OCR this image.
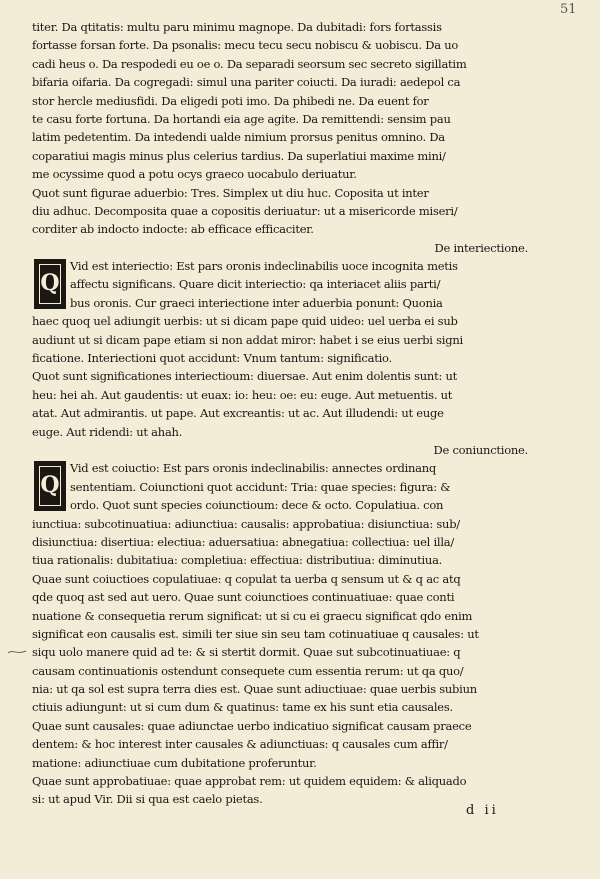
51
titer. Da qtitatis: multu paru minimu magnope. Da dubitadi: fors fortassis
fortasse forsan forte. Da psonalis: mecu tecu secu nobiscu & uobiscu. Da uo
cadi heus o. Da respodedi eu oe o. Da separadi seorsum sec secreto sigillatim
bifaria oifaria. Da cogregadi: simul una pariter coiucti. Da iuradi: aedepol ca
stor hercle mediusfidi. Da eligedi poti imo. Da phibedi ne. Da euent for
te casu forte fortuna. Da hortandi eia age agite. Da remittendi: sensim pau
latim pedetentim. Da intedendi ualde nimium prorsus penitus omnino. Da
coparatiui magis minus plus celerius tardius. Da superlatiui maxime mini/
me ocyssime quod a potu ocys graeco uocabulo deriuatur.
Quot sunt figurae aduerbio: Tres. Simplex ut diu huc. Coposita ut inter
diu adhuc. Decomposita quae a copositis deriuatur: ut a misericorde miseri/
corditer ab indocto indocte: ab efficace efficaciter.
De interiectione.
Q
Vid est interiectio: Est pars oronis indeclinabilis uoce incognita metis
affectu significans. Quare dicit interiectio: qa interiacet aliis parti/
bus oronis. Cur graeci interiectione inter aduerbia ponunt: Quonia
haec quoq uel adiungit uerbis: ut si dicam pape quid uideo: uel uerba ei sub
audiunt ut si dicam pape etiam si non addat miror: habet i se eius uerbi signi
ficatione. Interiectioni quot accidunt: Vnum tantum: significatio.
Quot sunt significationes interiectioum: diuersae. Aut enim dolentis sunt: ut
heu: hei ah. Aut gaudentis: ut euax: io: heu: oe: eu: euge. Aut metuentis. ut
atat. Aut admirantis. ut pape. Aut excreantis: ut ac. Aut illudendi: ut euge
euge. Aut ridendi: ut ahah.
De coniunctione.
Q
Vid est coiuctio: Est pars oronis indeclinabilis: annectes ordinanq
sententiam. Coiunctioni quot accidunt: Tria: quae species: figura: &
ordo. Quot sunt species coiunctioum: dece & octo. Copulatiua. con
iunctiua: subcotinuatiua: adiunctiua: causalis: approbatiua: disiunctiua: sub/
disiunctiua: disertiua: electiua: aduersatiua: abnegatiua: collectiua: uel illa/
tiua rationalis: dubitatiua: completiua: effectiua: distributiua: diminutiua.
Quae sunt coiuctioes copulatiuae: q copulat ta uerba q sensum ut & q ac atq
qde quoq ast sed aut uero. Quae sunt coiunctioes continuatiuae: quae conti
nuatione & consequetia rerum significat: ut si cu ei graecu significat qdo enim
significat eon causalis est. simili ter siue sin seu tam cotinuatiuae q causales: ut
siqu uolo manere quid ad te: & si stertit dormit. Quae sut subcotinuatiuae: q
causam continuationis ostendunt consequete cum essentia rerum: ut qa quo/
nia: ut qa sol est supra terra dies est. Quae sunt adiuctiuae: quae uerbis subiun
ctiuis adiungunt: ut si cum dum & quatinus: tame ex his sunt etia causales.
Quae sunt causales: quae adiunctae uerbo indicatiuo significat causam praece
dentem: & hoc interest inter causales & adiunctiuas: q causales cum affir/
matione: adiunctiuae cum dubitatione proferuntur.
Quae sunt approbatiuae: quae approbat rem: ut quidem equidem: & aliquado
si: ut apud Vir. Dii si qua est caelo pietas.
d ii
